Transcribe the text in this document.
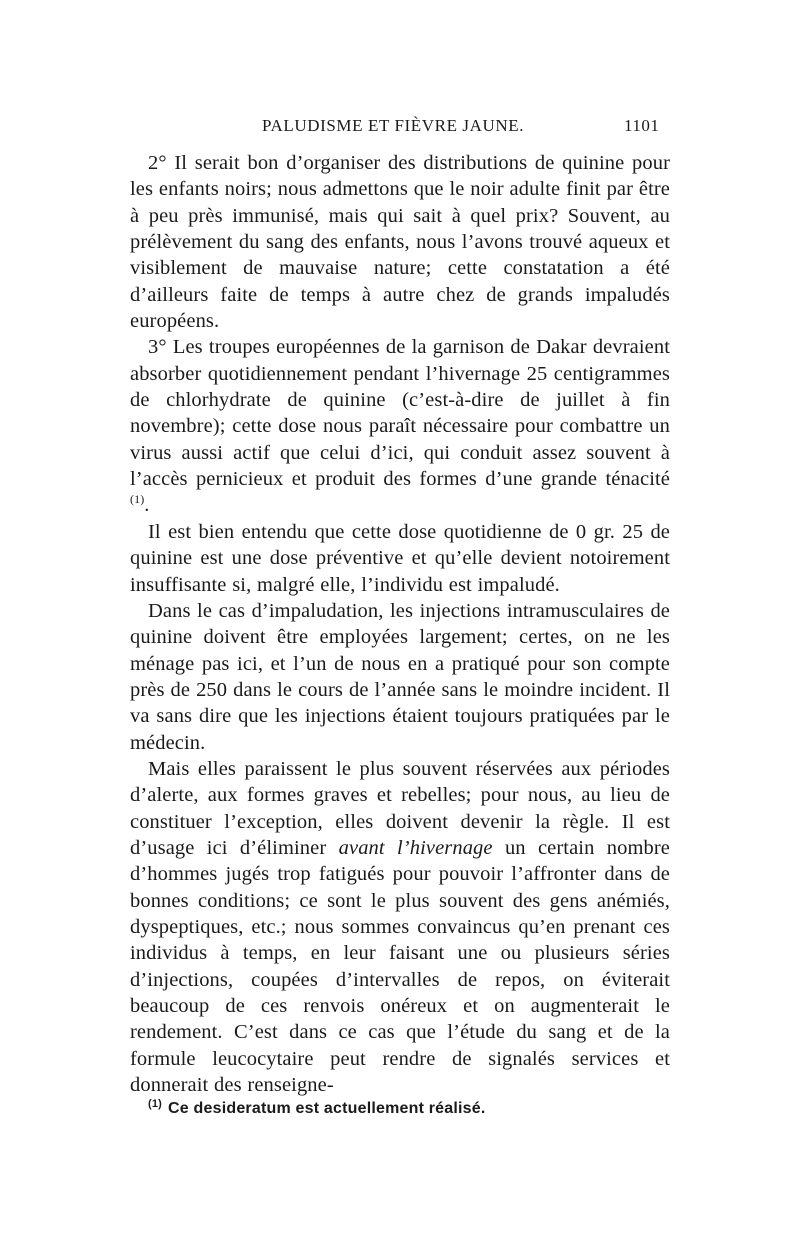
PALUDISME ET FIÈVRE JAUNE.	1101

2° Il serait bon d’organiser des distributions de quinine pour les enfants noirs; nous admettons que le noir adulte finit par être à peu près immunisé, mais qui sait à quel prix? Souvent, au prélèvement du sang des enfants, nous l’avons trouvé aqueux et visiblement de mauvaise nature; cette constatation a été d’ailleurs faite de temps à autre chez de grands impaludés européens.

3° Les troupes européennes de la garnison de Dakar devraient absorber quotidiennement pendant l’hivernage 25 centigrammes de chlorhydrate de quinine (c’est-à-dire de juillet à fin novembre); cette dose nous paraît nécessaire pour combattre un virus aussi actif que celui d’ici, qui conduit assez souvent à l’accès pernicieux et produit des formes d’une grande ténacité $^{(1)}$.

Il est bien entendu que cette dose quotidienne de 0 gr. 25 de quinine est une dose préventive et qu’elle devient notoirement insuffisante si, malgré elle, l’individu est impaludé.

Dans le cas d’impaludation, les injections intramusculaires de quinine doivent être employées largement; certes, on ne les ménage pas ici, et l’un de nous en a pratiqué pour son compte près de 250 dans le cours de l’année sans le moindre incident. Il va sans dire que les injections étaient toujours pratiquées par le médecin.

Mais elles paraissent le plus souvent réservées aux périodes d’alerte, aux formes graves et rebelles; pour nous, au lieu de constituer l’exception, elles doivent devenir la règle. Il est d’usage ici d’éliminer avant l’hivernage un certain nombre d’hommes jugés trop fatigués pour pouvoir l’affronter dans de bonnes conditions; ce sont le plus souvent des gens anémiés, dyspeptiques, etc.; nous sommes convaincus qu’en prenant ces individus à temps, en leur faisant une ou plusieurs séries d’injections, coupées d’intervalles de repos, on éviterait beaucoup de ces renvois onéreux et on augmenterait le rendement. C’est dans ce cas que l’étude du sang et de la formule leucocytaire peut rendre de signalés services et donnerait des renseigne-

$^{(1)}$ Ce desideratum est actuellement réalisé.
